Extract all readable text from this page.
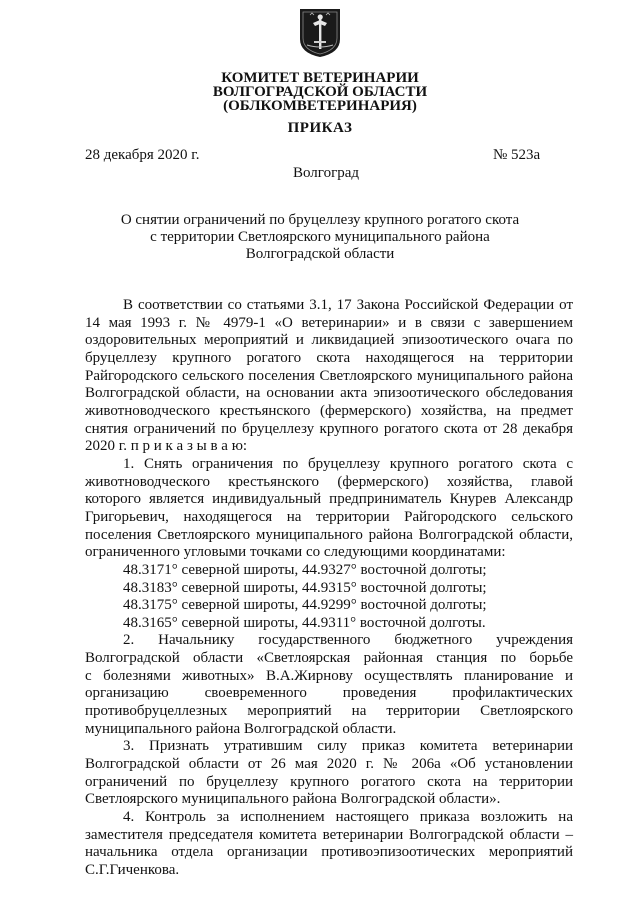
КОМИТЕТ ВЕТЕРИНАРИИ
ВОЛГОГРАДСКОЙ ОБЛАСТИ
(ОБЛКОМВЕТЕРИНАРИЯ)
ПРИКАЗ
28 декабря 2020 г.	№ 523а
Волгоград
О снятии ограничений по бруцеллезу крупного рогатого скота
с территории Светлоярского муниципального района
Волгоградской области
В соответствии со статьями 3.1, 17 Закона Российской Федерации от
14 мая 1993 г. № 4979-1 «О ветеринарии» и в связи с завершением
оздоровительных мероприятий и ликвидацией эпизоотического очага по
бруцеллезу крупного рогатого скота находящегося на территории
Райгородского сельского поселения Светлоярского муниципального района
Волгоградской области, на основании акта эпизоотического обследования
животноводческого крестьянского (фермерского) хозяйства, на предмет
снятия ограничений по бруцеллезу крупного рогатого скота от 28 декабря
2020 г. п р и к а з ы в а ю:
1. Снять ограничения по бруцеллезу крупного рогатого скота с
животноводческого крестьянского (фермерского) хозяйства, главой
которого является индивидуальный предприниматель Кнурев Александр
Григорьевич, находящегося на территории Райгородского сельского
поселения Светлоярского муниципального района Волгоградской области,
ограниченного угловыми точками со следующими координатами:
48.3171° северной широты, 44.9327° восточной долготы;
48.3183° северной широты, 44.9315° восточной долготы;
48.3175° северной широты, 44.9299° восточной долготы;
48.3165° северной широты, 44.9311° восточной долготы.
2. Начальнику государственного бюджетного учреждения
Волгоградской области «Светлоярская районная станция по борьбе
с болезнями животных» В.А.Жирнову осуществлять планирование и
организацию своевременного проведения профилактических
противобруцеллезных мероприятий на территории Светлоярского
муниципального района Волгоградской области.
3. Признать утратившим силу приказ комитета ветеринарии
Волгоградской области от 26 мая 2020 г. № 206а «Об установлении
ограничений по бруцеллезу крупного рогатого скота на территории
Светлоярского муниципального района Волгоградской области».
4. Контроль за исполнением настоящего приказа возложить на
заместителя председателя комитета ветеринарии Волгоградской области –
начальника отдела организации противоэпизоотических мероприятий
С.Г.Гиченкова.
